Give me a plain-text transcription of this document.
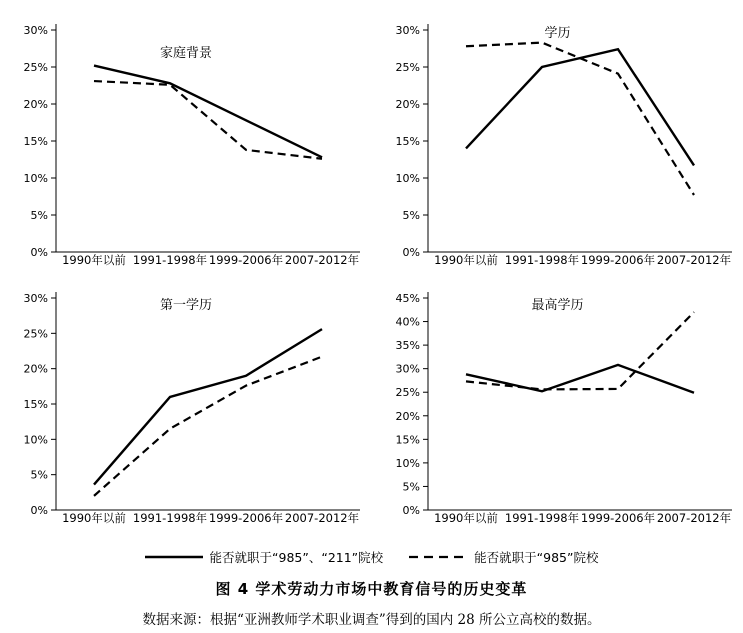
家庭背景
0%
5%
10%
15%
20%
25%
30%
1990年以前 1991-1998年 1999-2006年 2007-2012年
学历
0%
5%
10%
15%
20%
25%
30%
1990年以前 1991-1998年 1999-2006年 2007-2012年
第一学历
0%
5%
10%
15%
20%
25%
30%
1990年以前 1991-1998年 1999-2006年 2007-2012年
最高学历
0%
5%
10%
15%
20%
25%
30%
35%
40%
45%
1990年以前 1991-1998年 1999-2006年 2007-2012年
能否就职于“985”、“211”院校	能否就职于“985”院校
图 4 学术劳动力市场中教育信号的历史变革
数据来源：根据“亚洲教师学术职业调查”得到的国内 28 所公立高校的数据。
